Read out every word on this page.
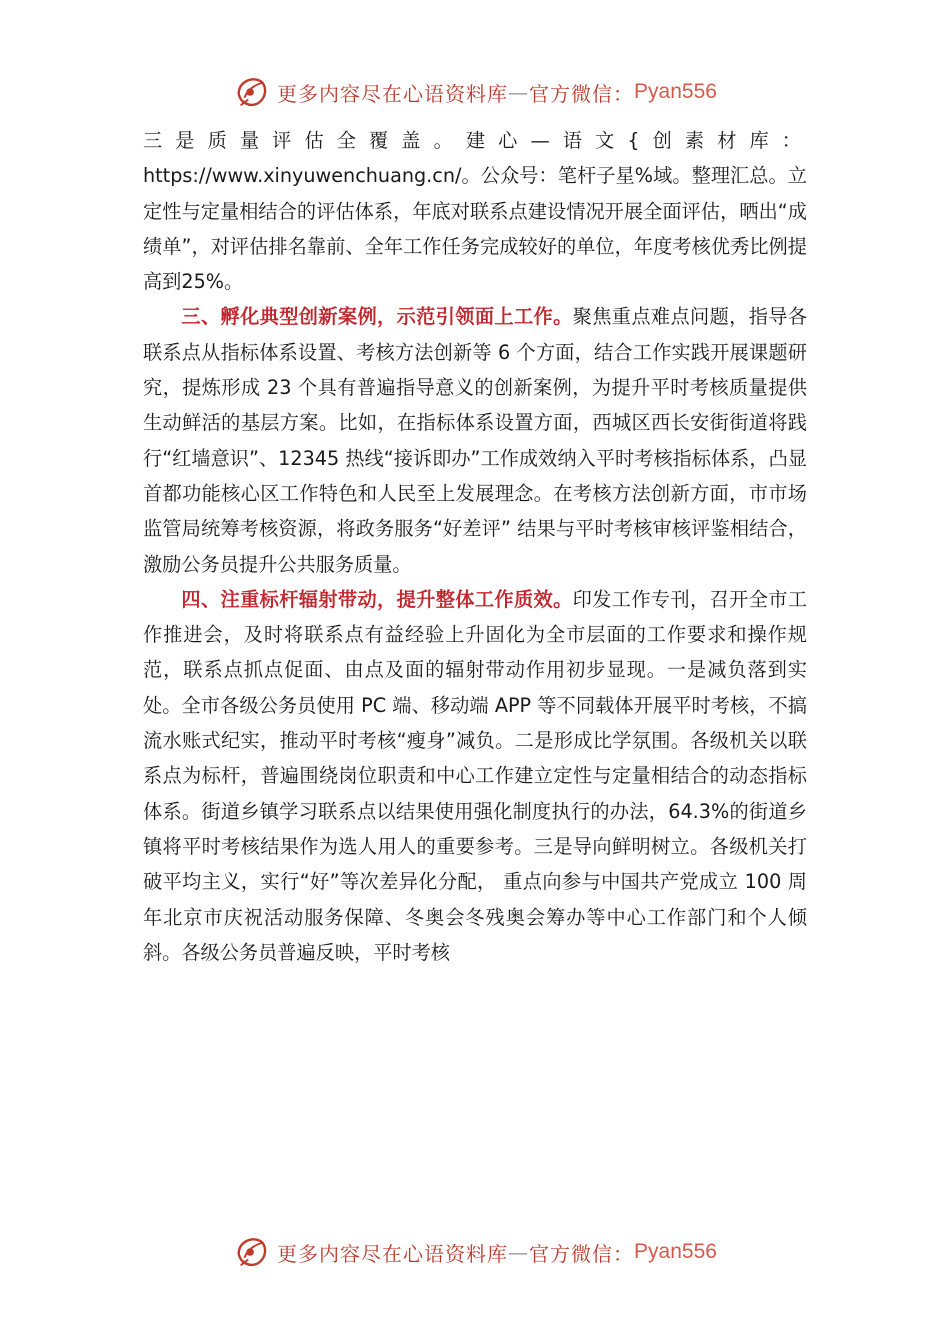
更多内容尽在心语资料库 — 官方微信： Pyan556

三是质量评估全覆盖。建心—语文{创素材库：https://www.xinyuwenchuang.cn/。公众号：笔杆子星%域。整理汇总。立定性与定量相结合的评估体系，年底对联系点建设情况开展全面评估，晒出“成绩单”，对评估排名靠前、全年工作任务完成较好的单位，年度考核优秀比例提高到25%。

三、孵化典型创新案例，示范引领面上工作。聚焦重点难点问题，指导各联系点从指标体系设置、考核方法创新等 6 个方面，结合工作实践开展课题研究，提炼形成 23 个具有普遍指导意义的创新案例，为提升平时考核质量提供生动鲜活的基层方案。比如，在指标体系设置方面，西城区西长安街街道将践行“红墙意识”、12345 热线“接诉即办”工作成效纳入平时考核指标体系，凸显首都功能核心区工作特色和人民至上发展理念。在考核方法创新方面，市市场监管局统筹考核资源，将政务服务“好差评” 结果与平时考核审核评鉴相结合，激励公务员提升公共服务质量。

四、注重标杆辐射带动，提升整体工作质效。印发工作专刊，召开全市工作推进会，及时将联系点有益经验上升固化为全市层面的工作要求和操作规范，联系点抓点促面、由点及面的辐射带动作用初步显现。一是减负落到实处。全市各级公务员使用 PC 端、移动端 APP 等不同载体开展平时考核，不搞流水账式纪实，推动平时考核“瘦身”减负。二是形成比学氛围。各级机关以联系点为标杆，普遍围绕岗位职责和中心工作建立定性与定量相结合的动态指标体系。街道乡镇学习联系点以结果使用强化制度执行的办法，64.3%的街道乡镇将平时考核结果作为选人用人的重要参考。三是导向鲜明树立。各级机关打破平均主义，实行“好”等次差异化分配， 重点向参与中国共产党成立 100 周年北京市庆祝活动服务保障、冬奥会冬残奥会筹办等中心工作部门和个人倾斜。各级公务员普遍反映，平时考核

更多内容尽在心语资料库 — 官方微信： Pyan556
